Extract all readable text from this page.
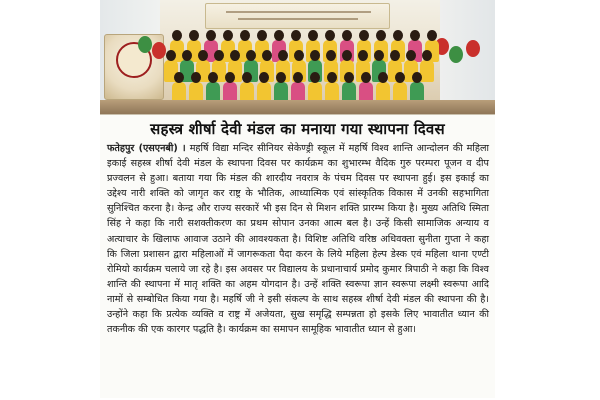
सहस्त्र शीर्षा देवी मंडल का मनाया गया स्थापना दिवस
फतेहपुर (एसएनबी) । महर्षि विद्या मन्दिर सीनियर सेकेण्ड्री स्कूल में महर्षि विश्व शान्ति आन्दोलन की महिला इकाई सहस्त्र शीर्षा देवी मंडल के स्थापना दिवस पर कार्यक्रम का शुभारम्भ वैदिक गुरु परम्परा पूजन व दीप प्रज्वलन से हुआ। बताया गया कि मंडल की शारदीय नवरात्र के पंचम दिवस पर स्थापना हुई। इस इकाई का उद्देश्य नारी शक्ति को जागृत कर राष्ट्र के भौतिक, आध्यात्मिक एवं सांस्कृतिक विकास में उनकी सहभागिता सुनिश्चित करना है। केन्द्र और राज्य सरकारें भी इस दिन से मिशन शक्ति प्रारम्भ किया है। मुख्य अतिथि स्मिता सिंह ने कहा कि नारी सशक्तीकरण का प्रथम सोपान उनका आत्म बल है। उन्हें किसी सामाजिक अन्याय व अत्याचार के खिलाफ आवाज उठाने की आवश्यकता है। विशिष्ट अतिथि वरिष्ठ अधिवक्ता सुनीता गुप्ता ने कहा कि जिला प्रशासन द्वारा महिलाओं में जागरूकता पैदा करन के लिये महिला हेल्प डेस्क एवं महिला थाना एण्टी रोमियो कार्यक्रम चलाये जा रहे है। इस अवसर पर विद्यालय के प्रधानाचार्य प्रमोद कुमार त्रिपाठी ने कहा कि विश्व शान्ति की स्थापना में मातृ शक्ति का अहम योगदान है। उन्हें शक्ति स्वरूपा ज्ञान स्वरूपा लक्ष्मी स्वरूपा आदि नामों से सम्बोधित किया गया है। महर्षि जी ने इसी संकल्प के साथ सहस्त्र शीर्षा देवी मंडल की स्थापना की है। उन्होंने कहा कि प्रत्येक व्यक्ति व राष्ट्र में अजेयता, सुख समृद्धि सम्पन्नता हो इसके लिए भावातीत ध्यान की तकनीक की एक कारगर पद्धति है। कार्यक्रम का समापन सामूहिक भावातीत ध्यान से हुआ।
